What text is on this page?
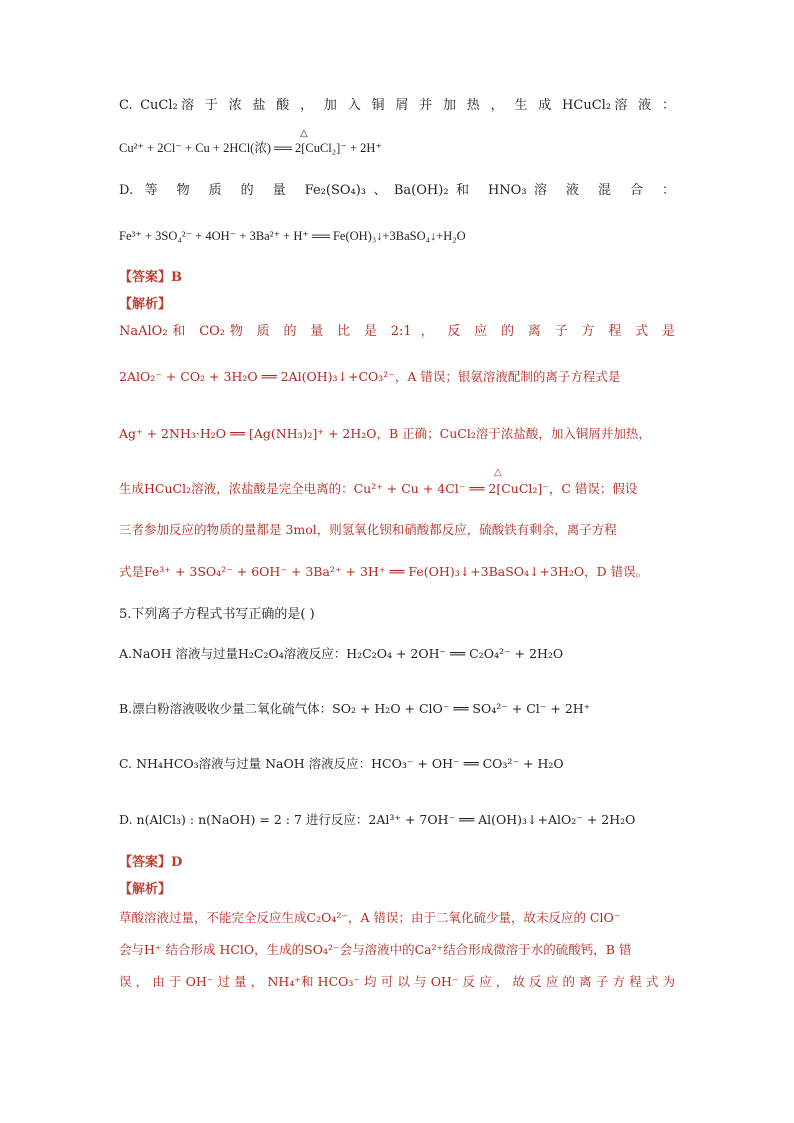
C. CuCl₂溶 于 浓 盐 酸 ， 加 入 铜 屑 并 加 热 ， 生 成 HCuCl₂溶 液 ：
Cu²⁺ + 2Cl⁻ + Cu + 2HCl(浓) ══ 2[CuCl₂]⁻ + 2H⁺
△
D. 等 物 质 的 量 Fe₂(SO₄)₃、Ba(OH)₂和 HNO₃溶 液 混 合 ：
Fe³⁺ + 3SO₄²⁻ + 4OH⁻ + 3Ba²⁺ + H⁺ ══ Fe(OH)₃↓+3BaSO₄↓+H₂O
【答案】B
【解析】
NaAlO₂和 CO₂物 质 的 量 比 是 2:1 ， 反 应 的 离 子 方 程 式 是
2AlO₂⁻ + CO₂ + 3H₂O ══ 2Al(OH)₃↓+CO₃²⁻，A 错误；银氨溶液配制的离子方程式是
Ag⁺ + 2NH₃·H₂O ══ [Ag(NH₃)₂]⁺ + 2H₂O，B 正确；CuCl₂溶于浓盐酸，加入铜屑并加热，
生成HCuCl₂溶液，浓盐酸是完全电离的：Cu²⁺ + Cu + 4Cl⁻ ══ 2[CuCl₂]⁻，C 错误；假设
△
三者参加反应的物质的量都是 3mol，则氢氧化钡和硝酸都反应，硫酸铁有剩余，离子方程
式是Fe³⁺ + 3SO₄²⁻ + 6OH⁻ + 3Ba²⁺ + 3H⁺ ══ Fe(OH)₃↓+3BaSO₄↓+3H₂O，D 错误。
5.下列离子方程式书写正确的是( )
A.NaOH 溶液与过量H₂C₂O₄溶液反应：H₂C₂O₄ + 2OH⁻ ══ C₂O₄²⁻ + 2H₂O
B.漂白粉溶液吸收少量二氧化硫气体：SO₂ + H₂O + ClO⁻ ══ SO₄²⁻ + Cl⁻ + 2H⁺
C. NH₄HCO₃溶液与过量 NaOH 溶液反应：HCO₃⁻ + OH⁻ ══ CO₃²⁻ + H₂O
D. n(AlCl₃) : n(NaOH) = 2 : 7 进行反应：2Al³⁺ + 7OH⁻ ══ Al(OH)₃↓+AlO₂⁻ + 2H₂O
【答案】D
【解析】
草酸溶液过量，不能完全反应生成C₂O₄²⁻，A 错误；由于二氧化硫少量，故未反应的 ClO⁻
会与H⁺ 结合形成 HClO，生成的SO₄²⁻会与溶液中的Ca²⁺结合形成微溶于水的硫酸钙，B 错
误 ， 由 于 OH⁻ 过 量 ， NH₄⁺和 HCO₃⁻ 均 可 以 与 OH⁻ 反 应 ， 故 反 应 的 离 子 方 程 式 为
